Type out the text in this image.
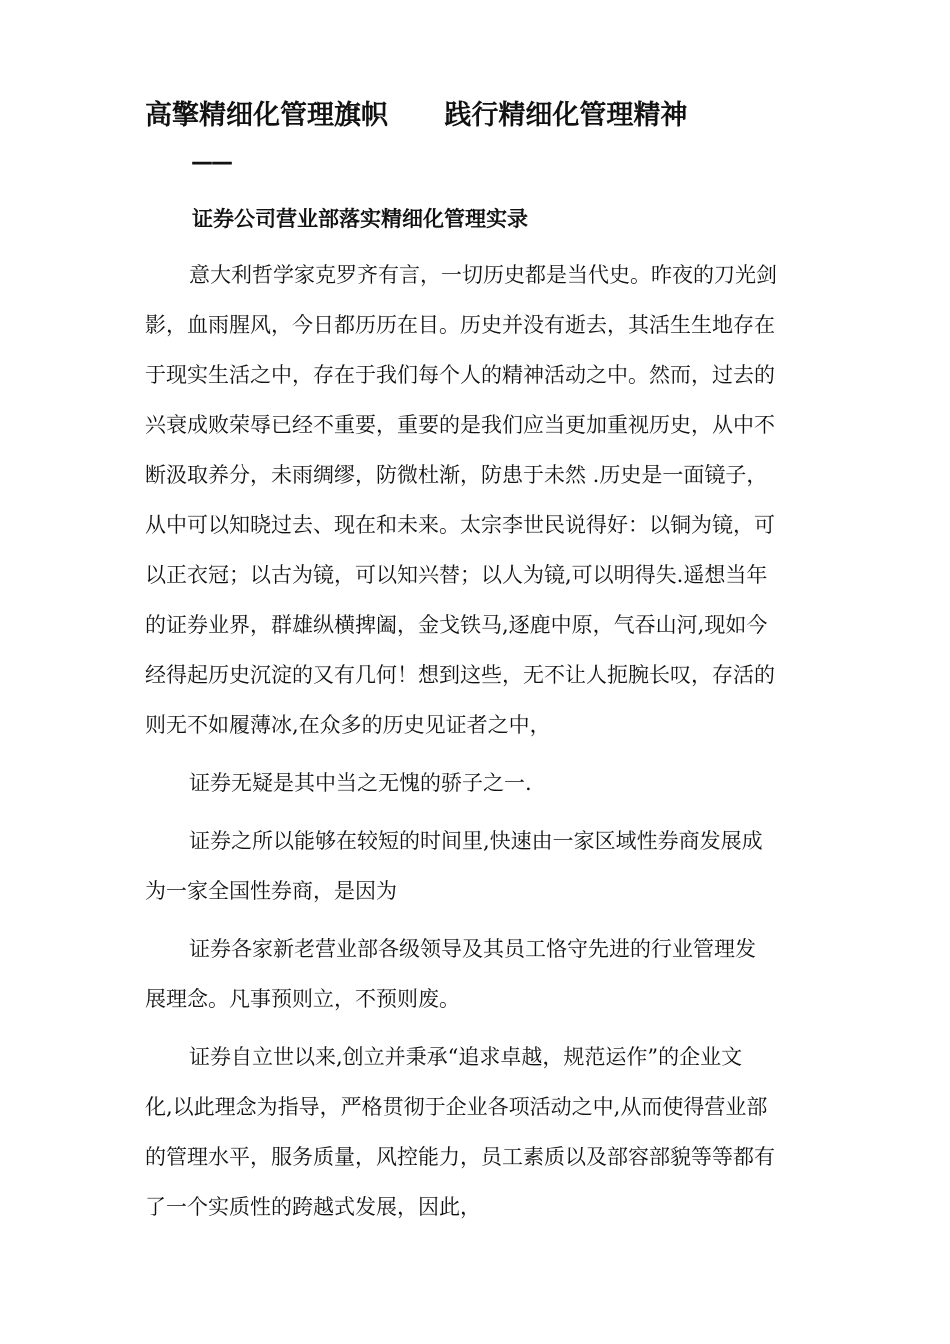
高擎精细化管理旗帜      践行精细化管理精神
——
证券公司营业部落实精细化管理实录

意大利哲学家克罗齐有言，一切历史都是当代史。昨夜的刀光剑
影，血雨腥风，今日都历历在目。历史并没有逝去，其活生生地存在
于现实生活之中，存在于我们每个人的精神活动之中。然而，过去的
兴衰成败荣辱已经不重要，重要的是我们应当更加重视历史，从中不
断汲取养分，未雨绸缪，防微杜渐，防患于未然 .历史是一面镜子，
从中可以知晓过去、现在和未来。太宗李世民说得好：以铜为镜，可
以正衣冠；以古为镜，可以知兴替；以人为镜,可以明得失.遥想当年
的证券业界，群雄纵横捭阖，金戈铁马,逐鹿中原，气吞山河,现如今
经得起历史沉淀的又有几何！想到这些，无不让人扼腕长叹，存活的
则无不如履薄冰,在众多的历史见证者之中，

证券无疑是其中当之无愧的骄子之一.

证券之所以能够在较短的时间里,快速由一家区域性券商发展成
为一家全国性券商，是因为

证券各家新老营业部各级领导及其员工恪守先进的行业管理发
展理念。凡事预则立，不预则废。

证券自立世以来,创立并秉承“追求卓越，规范运作”的企业文
化,以此理念为指导，严格贯彻于企业各项活动之中,从而使得营业部
的管理水平，服务质量，风控能力，员工素质以及部容部貌等等都有
了一个实质性的跨越式发展，因此，
